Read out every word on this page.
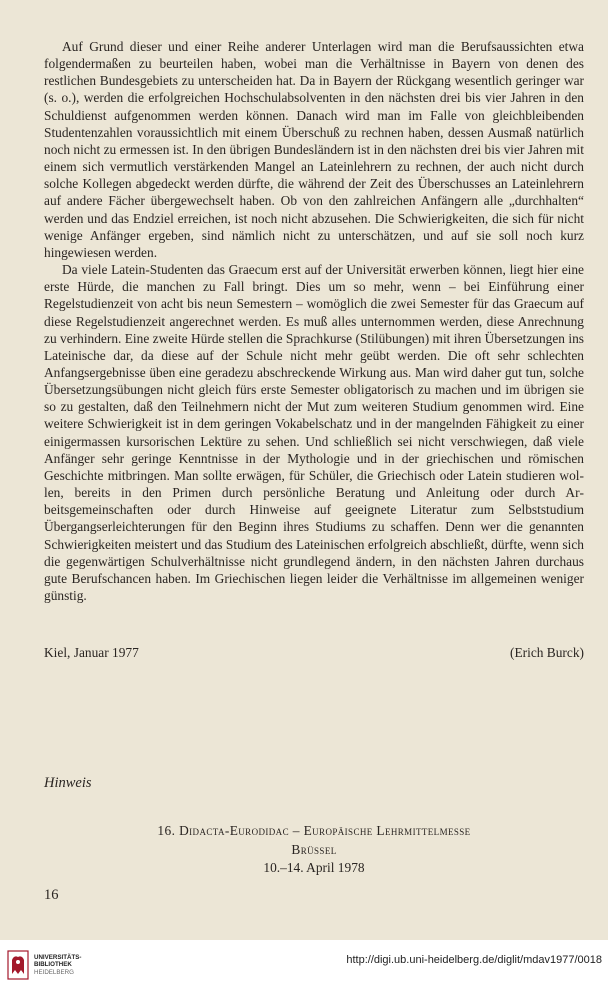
Auf Grund dieser und einer Reihe anderer Unterlagen wird man die Berufsaussichten etwa folgendermaßen zu beurteilen haben, wobei man die Verhältnisse in Bayern von denen des restlichen Bundesgebiets zu unterscheiden hat. Da in Bayern der Rückgang wesentlich geringer war (s. o.), werden die erfolgreichen Hochschulabsolventen in den nächsten drei bis vier Jahren in den Schuldienst aufgenommen werden können. Danach wird man im Falle von gleichbleibenden Studentenzahlen voraussichtlich mit einem Überschuß zu rechnen haben, dessen Ausmaß natürlich noch nicht zu ermessen ist. In den übrigen Bundesländern ist in den nächsten drei bis vier Jahren mit einem sich vermutlich verstärkenden Mangel an Lateinlehrern zu rechnen, der auch nicht durch solche Kollegen abgedeckt werden dürfte, die während der Zeit des Überschusses an Lateinlehrern auf andere Fächer übergewechselt haben. Ob von den zahlreichen Anfängern alle „durchhalten“ werden und das Endziel erreichen, ist noch nicht abzusehen. Die Schwierigkeiten, die sich für nicht wenige Anfänger ergeben, sind nämlich nicht zu unterschätzen, und auf sie soll noch kurz hingewiesen werden.

Da viele Latein-Studenten das Graecum erst auf der Universität erwerben können, liegt hier eine erste Hürde, die manchen zu Fall bringt. Dies um so mehr, wenn – bei Einführung einer Regelstudienzeit von acht bis neun Semestern – womöglich die zwei Semester für das Graecum auf diese Regelstudienzeit angerechnet werden. Es muß alles unternommen werden, diese Anrechnung zu verhindern. Eine zweite Hürde stellen die Sprachkurse (Stilübungen) mit ihren Übersetzungen ins Lateinische dar, da diese auf der Schule nicht mehr geübt werden. Die oft sehr schlechten Anfangsergebnisse üben eine geradezu abschreckende Wirkung aus. Man wird daher gut tun, solche Übersetzungsübungen nicht gleich fürs erste Semester obligatorisch zu machen und im übrigen sie so zu gestalten, daß den Teilnehmern nicht der Mut zum weiteren Studium genommen wird. Eine weitere Schwierigkeit ist in dem geringen Vokabelschatz und in der mangelnden Fähigkeit zu einer einigermassen kursorischen Lektüre zu sehen. Und schließlich sei nicht verschwiegen, daß viele Anfänger sehr geringe Kenntnisse in der Mythologie und in der griechischen und römischen Geschichte mitbringen. Man sollte erwägen, für Schüler, die Griechisch oder Latein studieren wollen, bereits in den Primen durch persönliche Beratung und Anleitung oder durch Arbeitsgemeinschaften oder durch Hinweise auf geeignete Literatur zum Selbststudium Übergangserleichterungen für den Beginn ihres Studiums zu schaffen. Denn wer die genannten Schwierigkeiten meistert und das Studium des Lateinischen erfolgreich abschließt, dürfte, wenn sich die gegenwärtigen Schulverhältnisse nicht grundlegend ändern, in den nächsten Jahren durchaus gute Berufschancen haben. Im Griechischen liegen leider die Verhältnisse im allgemeinen weniger günstig.

Kiel, Januar 1977	(Erich Burck)
Hinweis
16. Didacta-Eurodidac – Europäische Lehrmittelmesse
Brüssel
10.–14. April 1978
16
UNIVERSITÄTS-
BIBLIOTHEK
HEIDELBERG
http://digi.ub.uni-heidelberg.de/diglit/mdav1977/0018
